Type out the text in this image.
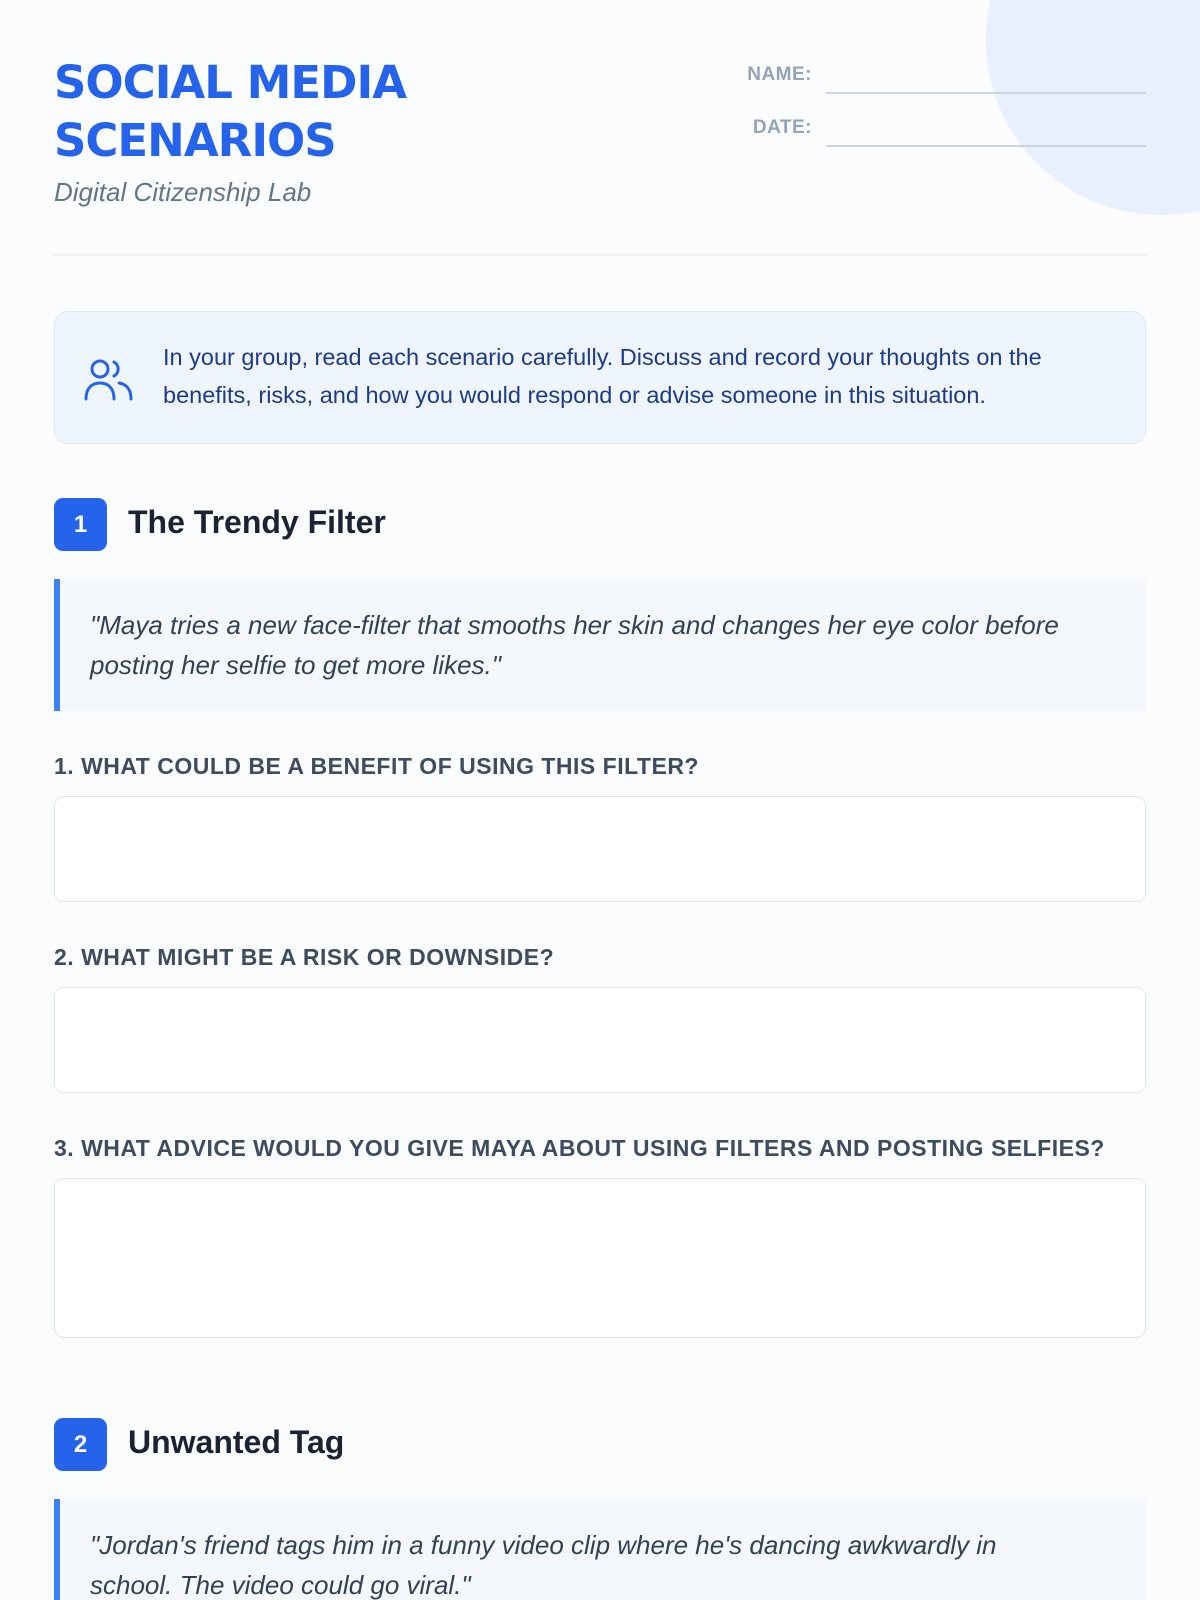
SOCIAL MEDIA
SCENARIOS
Digital Citizenship Lab
NAME:
DATE:
In your group, read each scenario carefully. Discuss and record your thoughts on the benefits, risks, and how you would respond or advise someone in this situation.
1	The Trendy Filter
"Maya tries a new face-filter that smooths her skin and changes her eye color before posting her selfie to get more likes."
1. WHAT COULD BE A BENEFIT OF USING THIS FILTER?
2. WHAT MIGHT BE A RISK OR DOWNSIDE?
3. WHAT ADVICE WOULD YOU GIVE MAYA ABOUT USING FILTERS AND POSTING SELFIES?
2	Unwanted Tag
"Jordan's friend tags him in a funny video clip where he's dancing awkwardly in school. The video could go viral."
